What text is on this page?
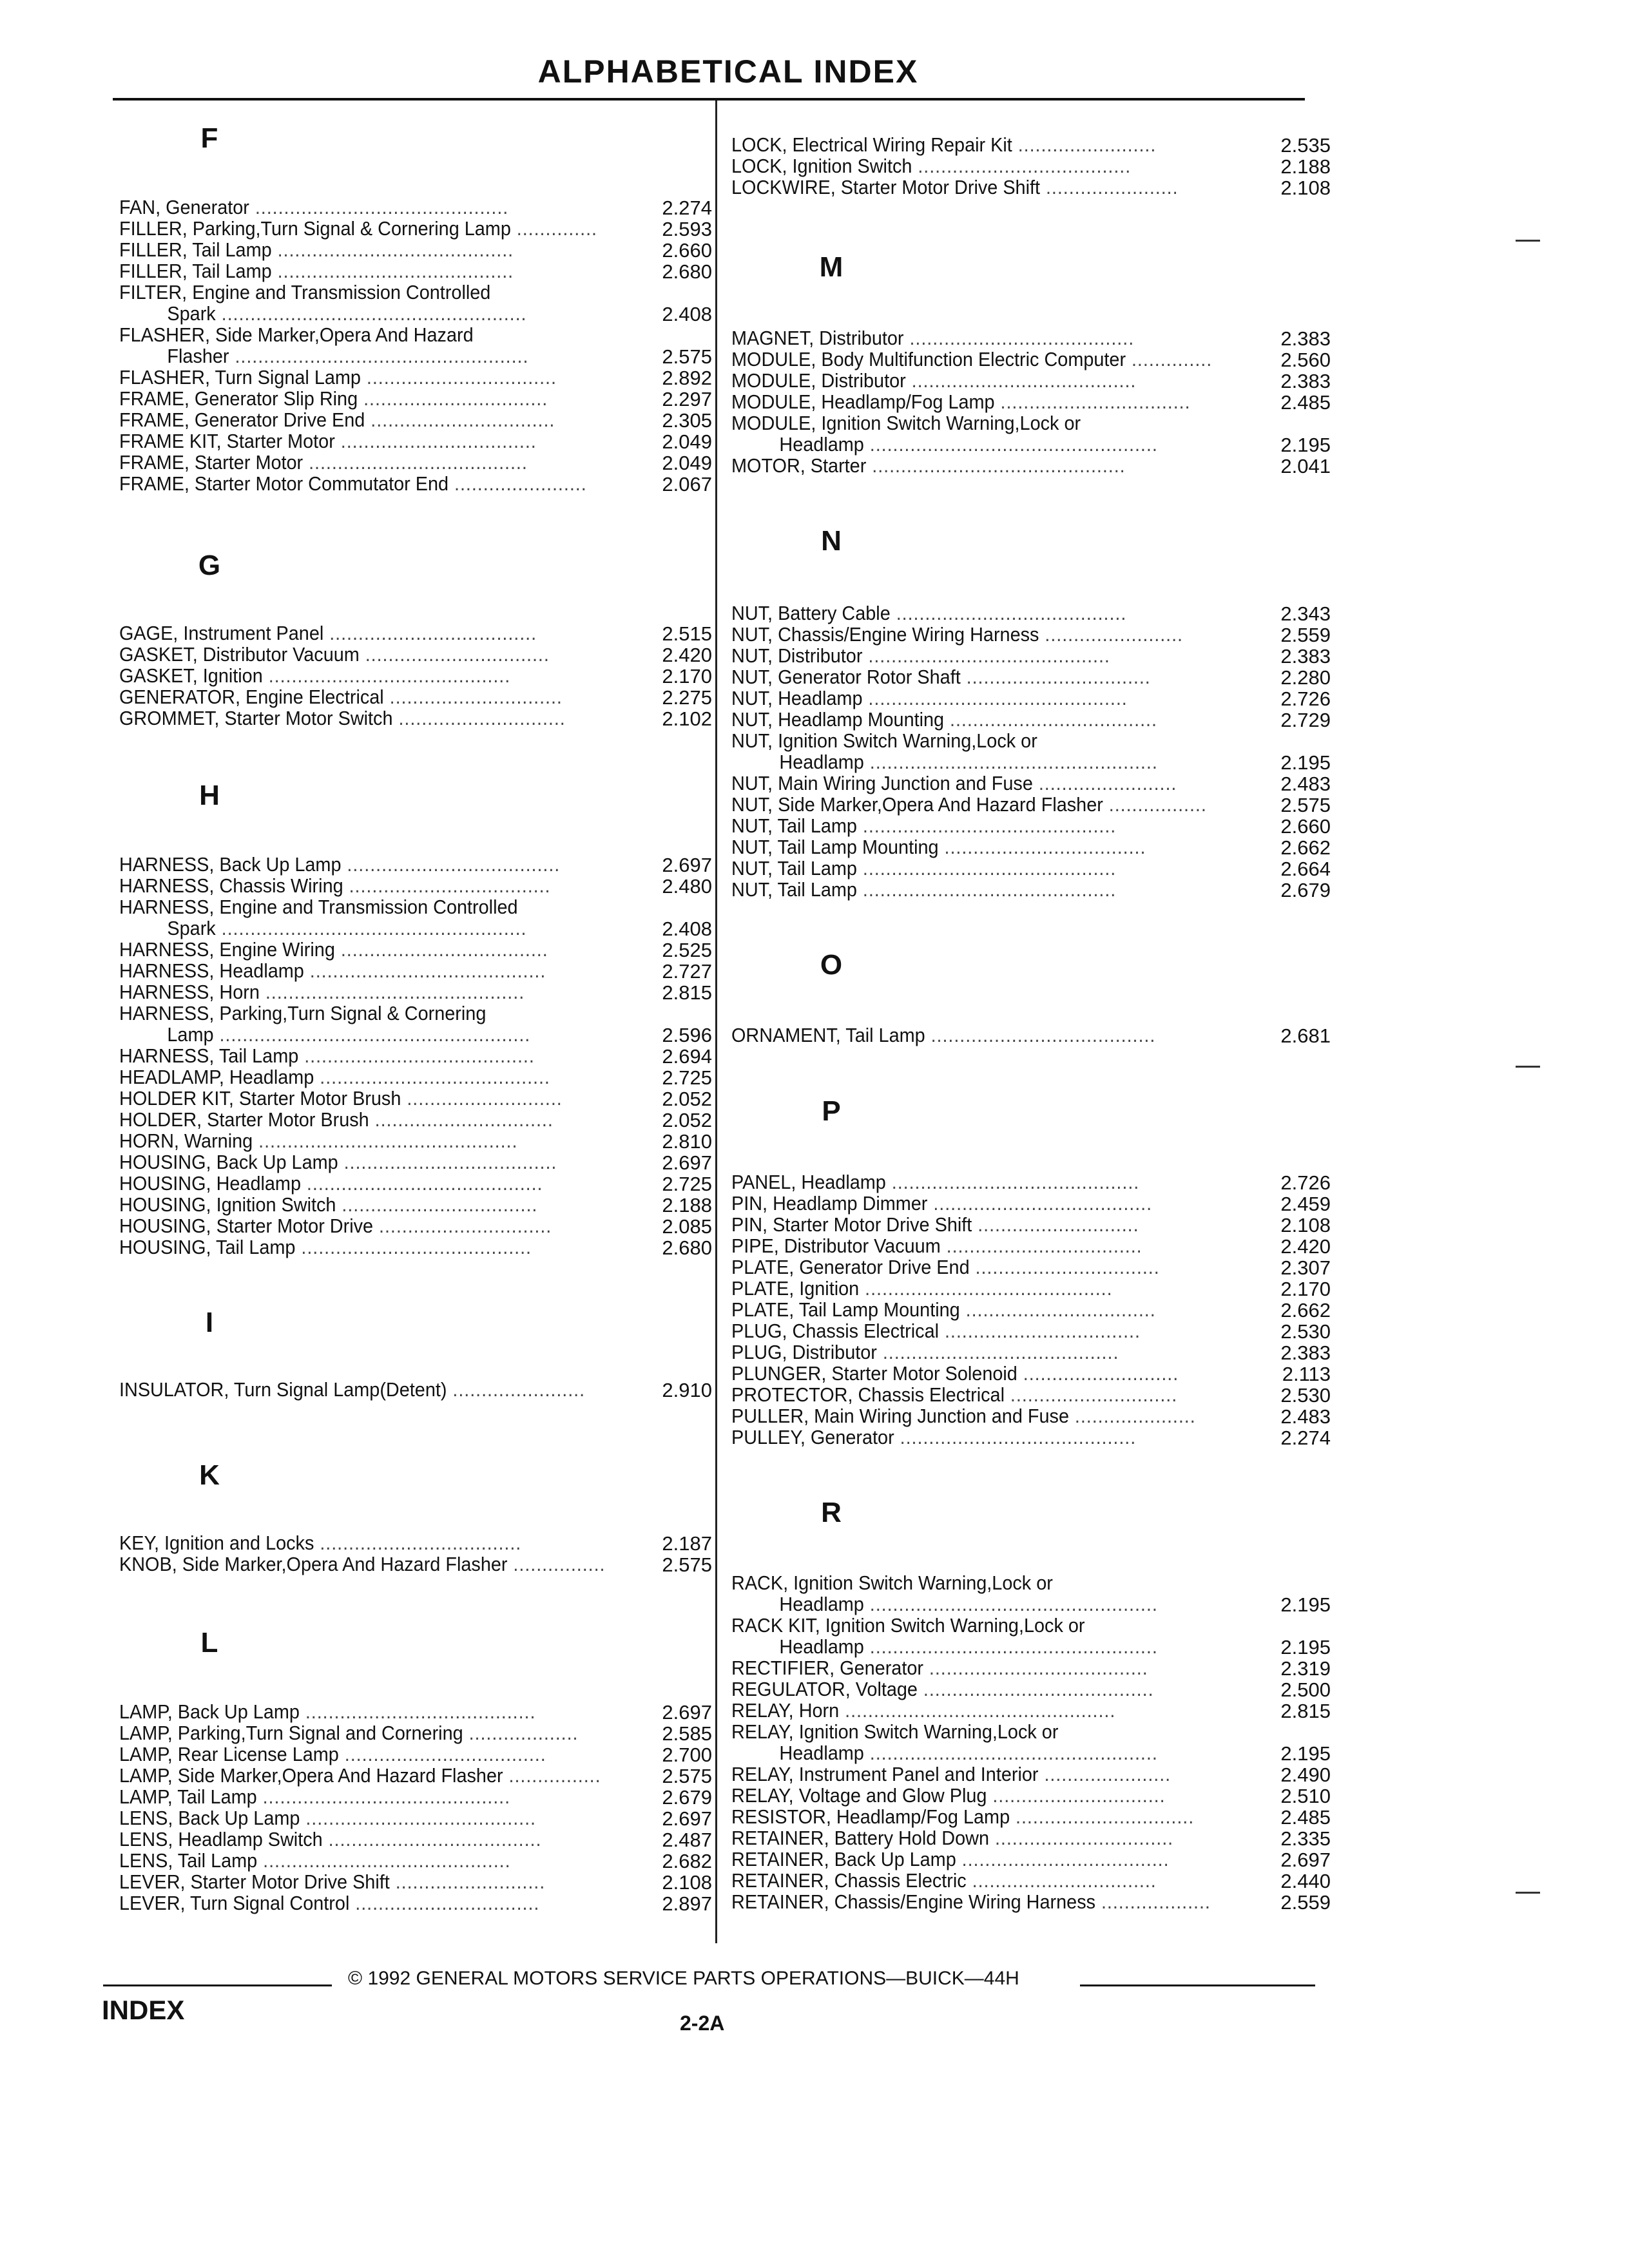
ALPHABETICAL INDEX
F
FAN, Generator ............................................	2.274
FILLER, Parking,Turn Signal & Cornering Lamp ..............	2.593
FILLER, Tail Lamp .........................................	2.660
FILLER, Tail Lamp .........................................	2.680
FILTER, Engine and Transmission Controlled
Spark .....................................................	2.408
FLASHER, Side Marker,Opera And Hazard
Flasher ...................................................	2.575
FLASHER, Turn Signal Lamp .................................	2.892
FRAME, Generator Slip Ring ................................	2.297
FRAME, Generator Drive End ................................	2.305
FRAME KIT, Starter Motor ..................................	2.049
FRAME, Starter Motor ......................................	2.049
FRAME, Starter Motor Commutator End .......................	2.067
G
GAGE, Instrument Panel ....................................	2.515
GASKET, Distributor Vacuum ................................	2.420
GASKET, Ignition ..........................................	2.170
GENERATOR, Engine Electrical ..............................	2.275
GROMMET, Starter Motor Switch .............................	2.102
H
HARNESS, Back Up Lamp .....................................	2.697
HARNESS, Chassis Wiring ...................................	2.480
HARNESS, Engine and Transmission Controlled
Spark .....................................................	2.408
HARNESS, Engine Wiring ....................................	2.525
HARNESS, Headlamp .........................................	2.727
HARNESS, Horn .............................................	2.815
HARNESS, Parking,Turn Signal & Cornering
Lamp ......................................................	2.596
HARNESS, Tail Lamp ........................................	2.694
HEADLAMP, Headlamp ........................................	2.725
HOLDER KIT, Starter Motor Brush ...........................	2.052
HOLDER, Starter Motor Brush ...............................	2.052
HORN, Warning .............................................	2.810
HOUSING, Back Up Lamp .....................................	2.697
HOUSING, Headlamp .........................................	2.725
HOUSING, Ignition Switch ..................................	2.188
HOUSING, Starter Motor Drive ..............................	2.085
HOUSING, Tail Lamp ........................................	2.680
I
INSULATOR, Turn Signal Lamp(Detent) .......................	2.910
K
KEY, Ignition and Locks ...................................	2.187
KNOB, Side Marker,Opera And Hazard Flasher ................	2.575
L
LAMP, Back Up Lamp ........................................	2.697
LAMP, Parking,Turn Signal and Cornering ...................	2.585
LAMP, Rear License Lamp ...................................	2.700
LAMP, Side Marker,Opera And Hazard Flasher ................	2.575
LAMP, Tail Lamp ...........................................	2.679
LENS, Back Up Lamp ........................................	2.697
LENS, Headlamp Switch .....................................	2.487
LENS, Tail Lamp ...........................................	2.682
LEVER, Starter Motor Drive Shift ..........................	2.108
LEVER, Turn Signal Control ................................	2.897
LOCK, Electrical Wiring Repair Kit ........................	2.535
LOCK, Ignition Switch .....................................	2.188
LOCKWIRE, Starter Motor Drive Shift .......................	2.108
M
MAGNET, Distributor .......................................	2.383
MODULE, Body Multifunction Electric Computer ..............	2.560
MODULE, Distributor .......................................	2.383
MODULE, Headlamp/Fog Lamp .................................	2.485
MODULE, Ignition Switch Warning,Lock or
Headlamp ..................................................	2.195
MOTOR, Starter ............................................	2.041
N
NUT, Battery Cable ........................................	2.343
NUT, Chassis/Engine Wiring Harness ........................	2.559
NUT, Distributor ..........................................	2.383
NUT, Generator Rotor Shaft ................................	2.280
NUT, Headlamp .............................................	2.726
NUT, Headlamp Mounting ....................................	2.729
NUT, Ignition Switch Warning,Lock or
Headlamp ..................................................	2.195
NUT, Main Wiring Junction and Fuse ........................	2.483
NUT, Side Marker,Opera And Hazard Flasher .................	2.575
NUT, Tail Lamp ............................................	2.660
NUT, Tail Lamp Mounting ...................................	2.662
NUT, Tail Lamp ............................................	2.664
NUT, Tail Lamp ............................................	2.679
O
ORNAMENT, Tail Lamp .......................................	2.681
P
PANEL, Headlamp ...........................................	2.726
PIN, Headlamp Dimmer ......................................	2.459
PIN, Starter Motor Drive Shift ............................	2.108
PIPE, Distributor Vacuum ..................................	2.420
PLATE, Generator Drive End ................................	2.307
PLATE, Ignition ...........................................	2.170
PLATE, Tail Lamp Mounting .................................	2.662
PLUG, Chassis Electrical ..................................	2.530
PLUG, Distributor .........................................	2.383
PLUNGER, Starter Motor Solenoid ...........................	2.113
PROTECTOR, Chassis Electrical .............................	2.530
PULLER, Main Wiring Junction and Fuse .....................	2.483
PULLEY, Generator .........................................	2.274
R
RACK, Ignition Switch Warning,Lock or
Headlamp ..................................................	2.195
RACK KIT, Ignition Switch Warning,Lock or
Headlamp ..................................................	2.195
RECTIFIER, Generator ......................................	2.319
REGULATOR, Voltage ........................................	2.500
RELAY, Horn ...............................................	2.815
RELAY, Ignition Switch Warning,Lock or
Headlamp ..................................................	2.195
RELAY, Instrument Panel and Interior ......................	2.490
RELAY, Voltage and Glow Plug ..............................	2.510
RESISTOR, Headlamp/Fog Lamp ...............................	2.485
RETAINER, Battery Hold Down ...............................	2.335
RETAINER, Back Up Lamp ....................................	2.697
RETAINER, Chassis Electric ................................	2.440
RETAINER, Chassis/Engine Wiring Harness ...................	2.559
© 1992 GENERAL MOTORS SERVICE PARTS OPERATIONS—BUICK—44H
INDEX	2-2A
